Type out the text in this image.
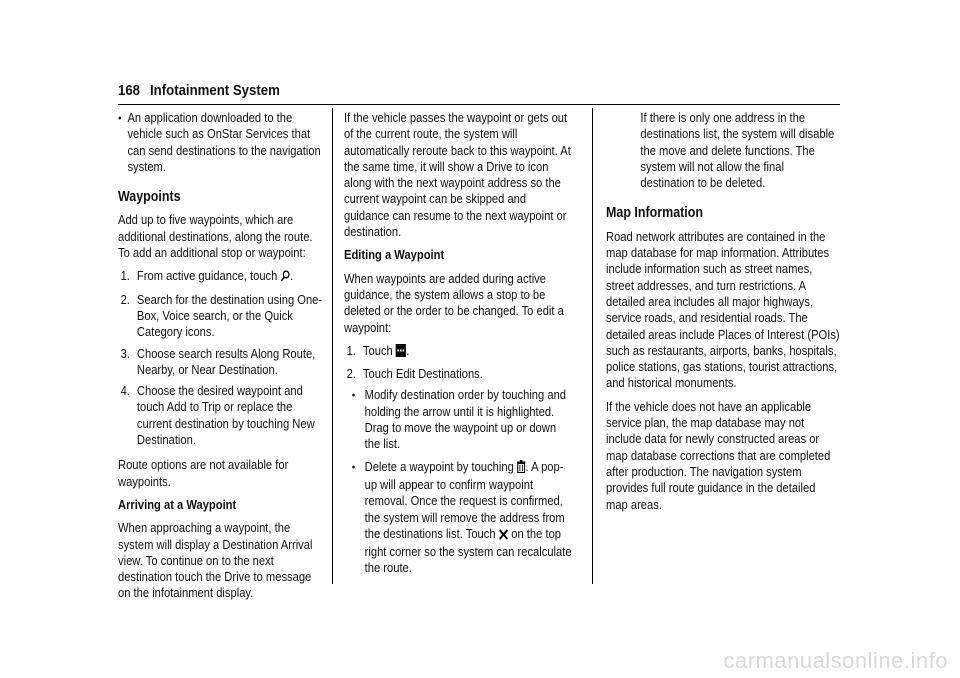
168 Infotainment System
● An application downloaded to the vehicle such as OnStar Services that can send destinations to the navigation system.
Waypoints

Add up to five waypoints, which are additional destinations, along the route. To add an additional stop or waypoint:

1. From active guidance, touch .
2. Search for the destination using One-Box, Voice search, or the Quick Category icons.
3. Choose search results Along Route, Nearby, or Near Destination.
4. Choose the desired waypoint and touch Add to Trip or replace the current destination by touching New Destination.

Route options are not available for waypoints.

Arriving at a Waypoint

When approaching a waypoint, the system will display a Destination Arrival view. To continue on to the next destination touch the Drive to message on the infotainment display.

If the vehicle passes the waypoint or gets out of the current route, the system will automatically reroute back to this waypoint. At the same time, it will show a Drive to icon along with the next waypoint address so the current waypoint can be skipped and guidance can resume to the next waypoint or destination.

Editing a Waypoint

When waypoints are added during active guidance, the system allows a stop to be deleted or the order to be changed. To edit a waypoint:

1. Touch .
2. Touch Edit Destinations.
● Modify destination order by touching and holding the arrow until it is highlighted. Drag to move the waypoint up or down the list.
● Delete a waypoint by touching . A pop-up will appear to confirm waypoint removal. Once the request is confirmed, the system will remove the address from the destinations list. Touch on the top right corner so the system can recalculate the route.

If there is only one address in the destinations list, the system will disable the move and delete functions. The system will not allow the final destination to be deleted.

Map Information

Road network attributes are contained in the map database for map information. Attributes include information such as street names, street addresses, and turn restrictions. A detailed area includes all major highways, service roads, and residential roads. The detailed areas include Places of Interest (POIs) such as restaurants, airports, banks, hospitals, police stations, gas stations, tourist attractions, and historical monuments.

If the vehicle does not have an applicable service plan, the map database may not include data for newly constructed areas or map database corrections that are completed after production. The navigation system provides full route guidance in the detailed map areas.

carmanualsonline.info
